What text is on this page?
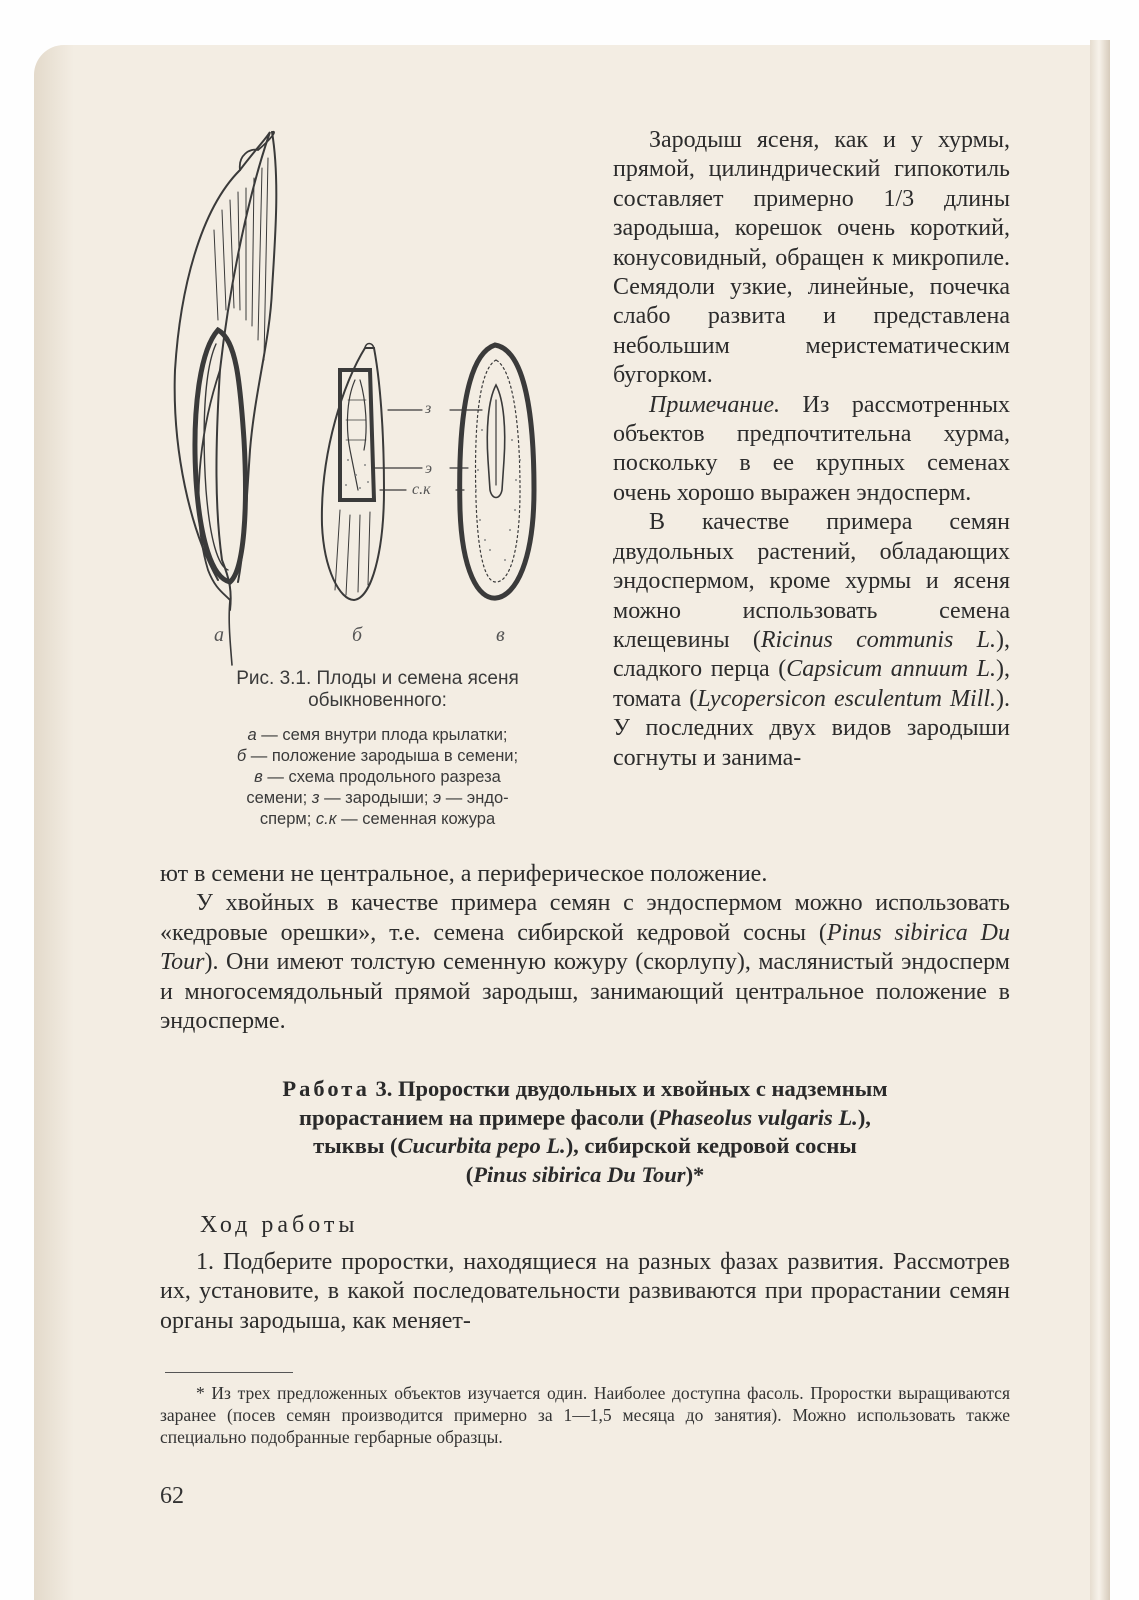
з
э
с.к
а	б	в
Рис. 3.1. Плоды и семена ясеня
обыкновенного:
а — семя внутри плода крылатки;
б — положение зародыша в семени;
в — схема продольного разреза
семени; з — зародыши; э — эндо-
сперм; с.к — семенная кожура

Зародыш ясеня, как и у хурмы, прямой, цилиндрический гипокотиль составляет примерно 1/3 длины зародыша, корешок очень короткий, конусовидный, обращен к микропиле. Семядоли узкие, линейные, почечка слабо развита и представлена небольшим меристематическим бугорком.

Примечание. Из рассмотренных объектов предпочтительна хурма, поскольку в ее крупных семенах очень хорошо выражен эндосперм.

В качестве примера семян двудольных растений, обладающих эндоспермом, кроме хурмы и ясеня можно использовать семена клещевины (Ricinus communis L.), сладкого перца (Capsicum annuum L.), томата (Lycopersicon esculentum Mill.). У последних двух видов зародыши согнуты и занима-

ют в семени не центральное, а периферическое положение.

У хвойных в качестве примера семян с эндоспермом можно использовать «кедровые орешки», т.е. семена сибирской кедровой сосны (Pinus sibirica Du Tour). Они имеют толстую семенную кожуру (скорлупу), маслянистый эндосперм и многосемядольный прямой зародыш, занимающий центральное положение в эндосперме.

Работа 3. Проростки двудольных и хвойных с надземным
прорастанием на примере фасоли (Phaseolus vulgaris L.),
тыквы (Cucurbita pepo L.), сибирской кедровой сосны
(Pinus sibirica Du Tour)*
Ход работы
1. Подберите проростки, находящиеся на разных фазах развития. Рассмотрев их, установите, в какой последовательности развиваются при прорастании семян органы зародыша, как меняет-
* Из трех предложенных объектов изучается один. Наиболее доступна фасоль. Проростки выращиваются заранее (посев семян производится примерно за 1—1,5 месяца до занятия). Можно использовать также специально подобранные гербарные образцы.
62
